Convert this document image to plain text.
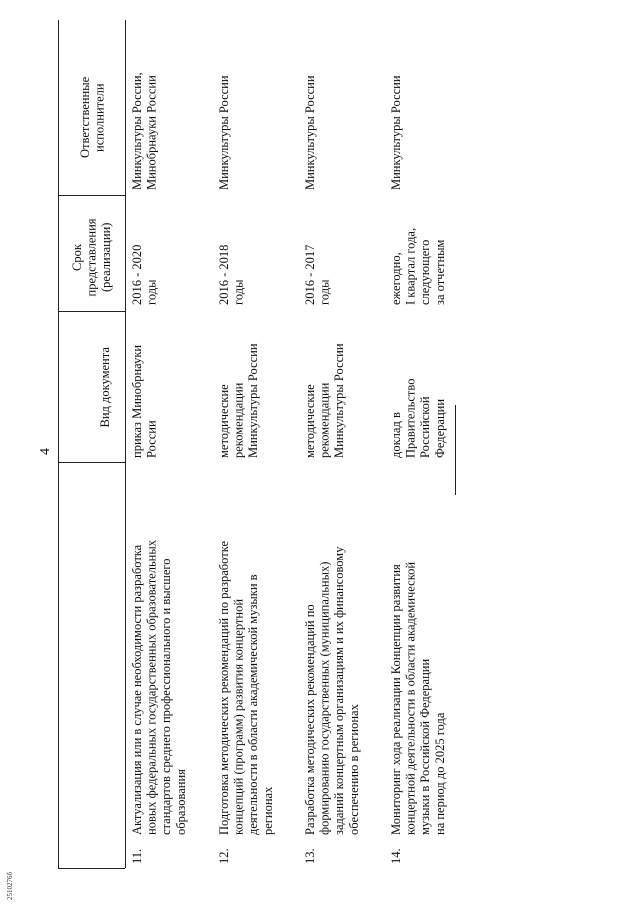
4
Вид документа
Срок представления (реализации)
Ответственные исполнители
11.
Актуализация или в случае необходимости разработка новых федеральных государственных образовательных стандартов среднего профессионального и высшего образования
приказ Минобрнауки России
2016 - 2020 годы
Минкультуры России, Минобрнауки России
12.
Подготовка методических рекомендаций по разработке концепций (программ) развития концертной деятельности в области академической музыки в регионах
методические рекомендации Минкультуры России
2016 - 2018 годы
Минкультуры России
13.
Разработка методических рекомендаций по формированию государственных (муниципальных) заданий концертным организациям и их финансовому обеспечению в регионах
методические рекомендации Минкультуры России
2016 - 2017 годы
Минкультуры России
14.
Мониторинг хода реализации Концепции развития концертной деятельности в области академической музыки в Российской Федерации на период до 2025 года
доклад в Правительство Российской Федерации
ежегодно, I квартал года, следующего за отчетным
Минкультуры России
2510276б
